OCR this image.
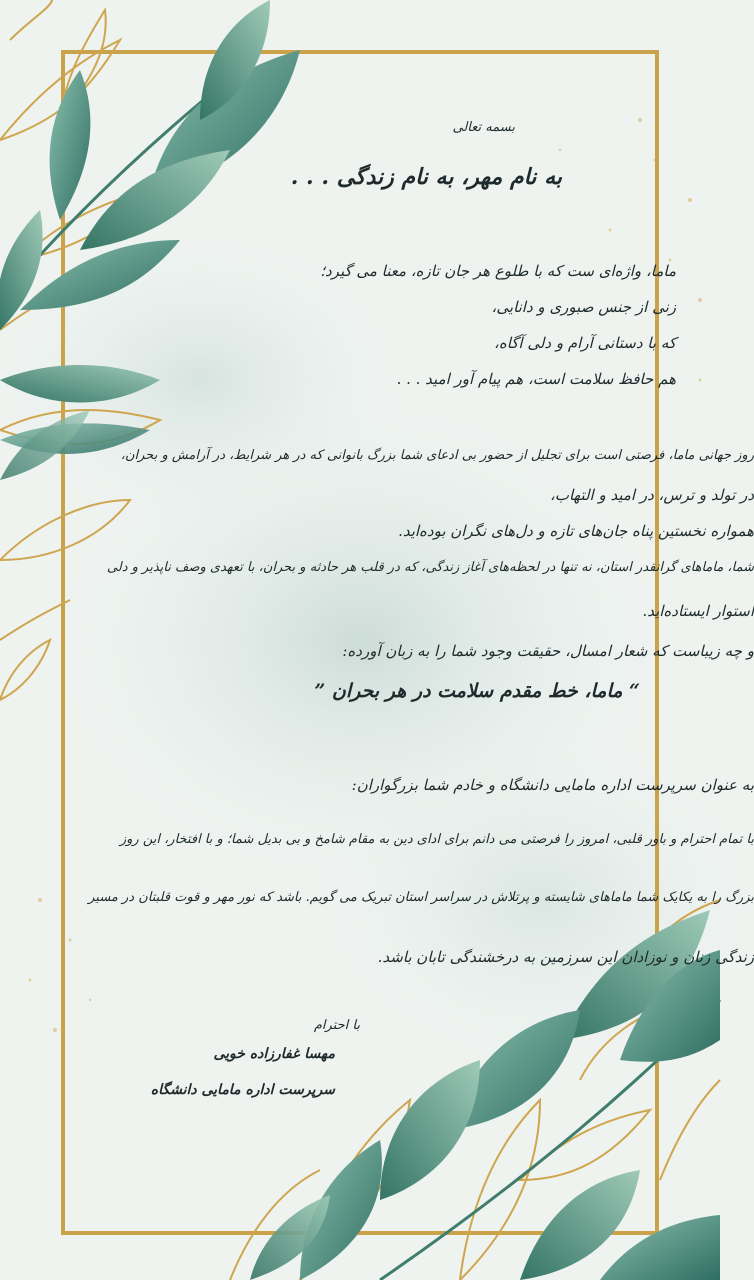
بسمه تعالی
به نام مهر، به نام زندگی . . .
ماما، واژه‌ای ست که با طلوع هر جان تازه، معنا می گیرد؛
زنی از جنس صبوری و دانایی،
که با دستانی آرام و دلی آگاه،
هم حافظ سلامت است، هم پیام آور امید . . .
روز جهانی ماما، فرصتی است برای تجلیل از حضور بی ادعای شما بزرگ بانوانی که در هر شرایط، در آرامش و بحران،
در تولد و ترس، در امید و التهاب،
همواره نخستین پناه جان‌های تازه و دل‌های نگران بوده‌اید.
شما، ماماهای گرانقدر استان، نه تنها در لحظه‌های آغاز زندگی، که در قلب هر حادثه و بحران، با تعهدی وصف ناپذیر و دلی
استوار ایستاده‌اید.
و چه زیباست که شعار امسال، حقیقت وجود شما را به زبان آورده:
“ ماما، خط مقدم سلامت در هر بحران ”
به عنوان سرپرست اداره مامایی دانشگاه و خادم شما بزرگواران:
با تمام احترام و باور قلبی، امروز را فرصتی می دانم برای ادای دین به مقام شامخ و بی بدیل شما؛ و با افتخار، این روز
بزرگ را به یکایک شما ماماهای شایسته و پرتلاش در سراسر استان تبریک می گویم. باشد که نور مهر و قوت قلبتان در مسیر
زندگی زنان و نوزادان این سرزمین به درخشندگی تابان باشد.
با احترام
مهسا غفارزاده خویی
سرپرست اداره مامایی دانشگاه
